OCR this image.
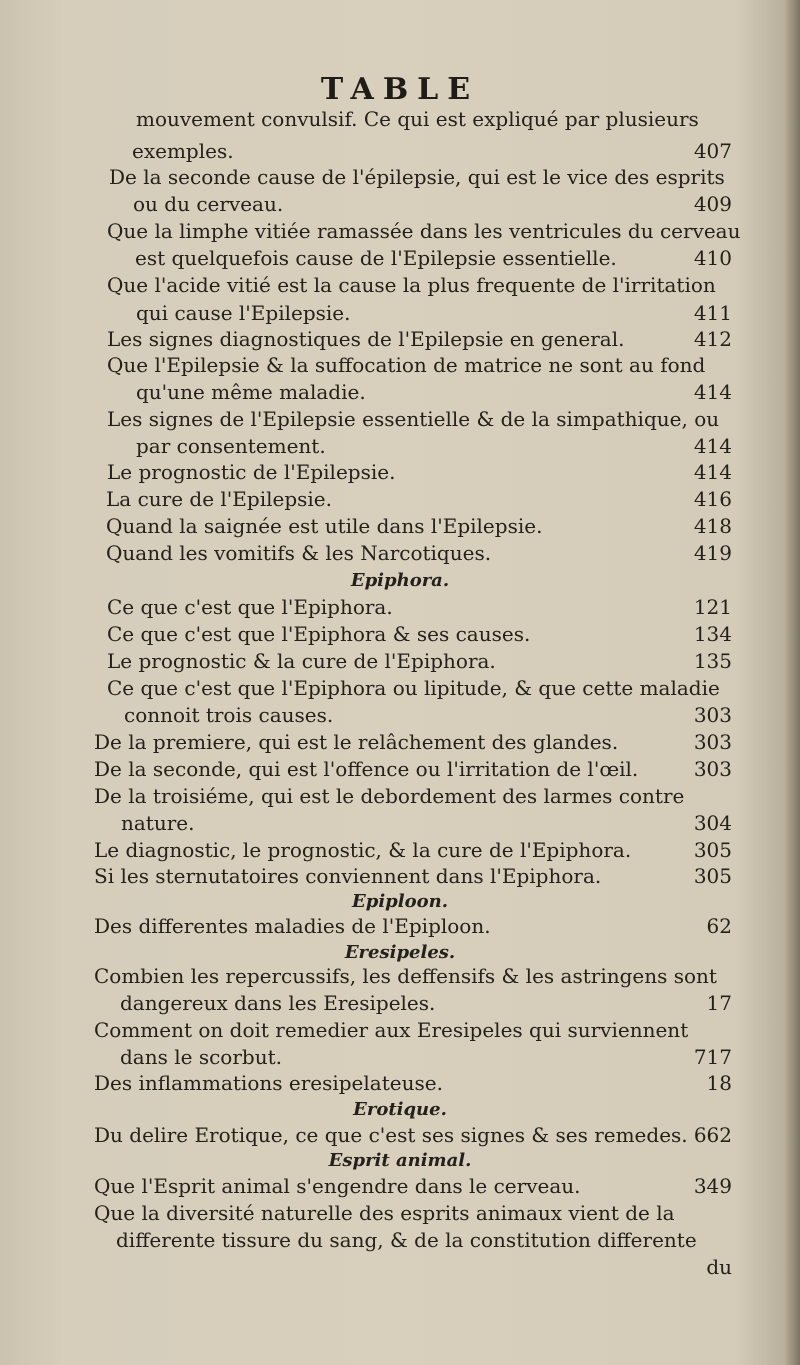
TABLE
mouvement convulsif. Ce qui est expliqué par plusieurs
exemples.	407
De la seconde cause de l'épilepsie, qui est le vice des esprits
ou du cerveau.	409
Que la limphe vitiée ramassée dans les ventricules du cerveau
est quelquefois cause de l'Epilepsie essentielle.	410
Que l'acide vitié est la cause la plus frequente de l'irritation
qui cause l'Epilepsie.	411
Les signes diagnostiques de l'Epilepsie en general.	412
Que l'Epilepsie & la suffocation de matrice ne sont au fond
qu'une même maladie.	414
Les signes de l'Epilepsie essentielle & de la simpathique, ou
par consentement.	414
Le prognostic de l'Epilepsie.	414
La cure de l'Epilepsie.	416
Quand la saignée est utile dans l'Epilepsie.	418
Quand les vomitifs & les Narcotiques.	419
Epiphora.
Ce que c'est que l'Epiphora.	121
Ce que c'est que l'Epiphora & ses causes.	134
Le prognostic & la cure de l'Epiphora.	135
Ce que c'est que l'Epiphora ou lipitude, & que cette maladie
connoit trois causes.	303
De la premiere, qui est le relâchement des glandes.	303
De la seconde, qui est l'offence ou l'irritation de l'œil.	303
De la troisiéme, qui est le debordement des larmes contre
nature.	304
Le diagnostic, le prognostic, & la cure de l'Epiphora.	305
Si les sternutatoires conviennent dans l'Epiphora.	305
Epiploon.
Des differentes maladies de l'Epiploon.	62
Eresipeles.
Combien les repercussifs, les deffensifs & les astringens sont
dangereux dans les Eresipeles.	17
Comment on doit remedier aux Eresipeles qui surviennent
dans le scorbut.	717
Des inflammations eresipelateuse.	18
Erotique.
Du delire Erotique, ce que c'est ses signes & ses remedes. 662
Esprit animal.
Que l'Esprit animal s'engendre dans le cerveau.	349
Que la diversité naturelle des esprits animaux vient de la
differente tissure du sang, & de la constitution differente
du
